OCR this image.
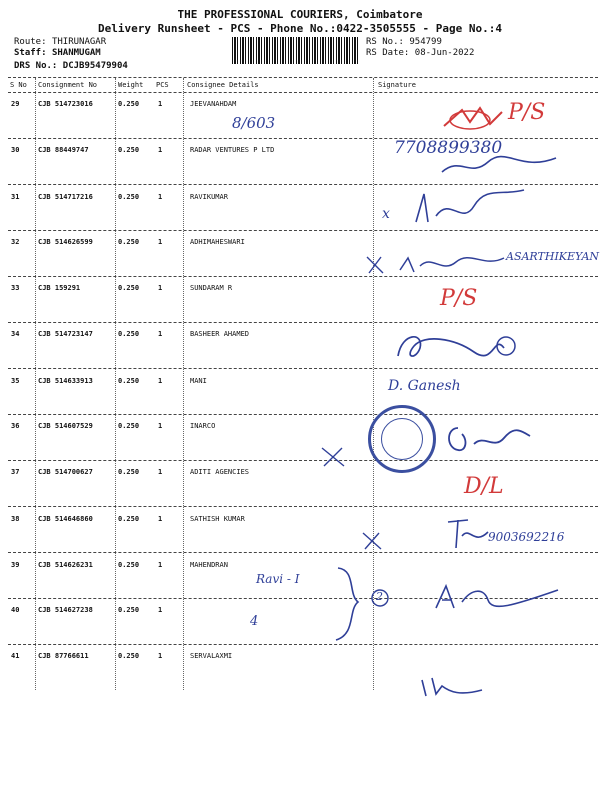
THE PROFESSIONAL COURIERS, Coimbatore
Delivery Runsheet - PCS - Phone No.:0422-3505555 - Page No.:4
Route: THIRUNAGAR
Staff: SHANMUGAM
DRS No.: DCJB95479904
RS No.: 954799
RS Date: 08-Jun-2022
S No Consignment No	Weight PCS	Consignee Details	Signature
29	CJB 514723016	0.250	1	JEEVANAHDAM
30	CJB 88449747	0.250	1	RADAR VENTURES P LTD
31	CJB 514717216	0.250	1	RAVIKUMAR
32	CJB 514626599	0.250	1	ADHIMAHESWARI
33	CJB 159291	0.250	1	SUNDARAM R
34	CJB 514723147	0.250	1	BASHEER AHAMED
35	CJB 514633913	0.250	1	MANI
36	CJB 514607529	0.250	1	INARCO
37	CJB 514700627	0.250	1	ADITI AGENCIES
38	CJB 514646860	0.250	1	SATHISH KUMAR
39	CJB 514626231	0.250	1	MAHENDRAN
40	CJB 514627238	0.250	1
41	CJB 87766611	0.250	1	SERVALAXMI
P/S
8/603
7708899380
x
ASARTHIKEYAN
P/S
D. Ganesh
D/L
9003692216
Ravi - I
4
2
